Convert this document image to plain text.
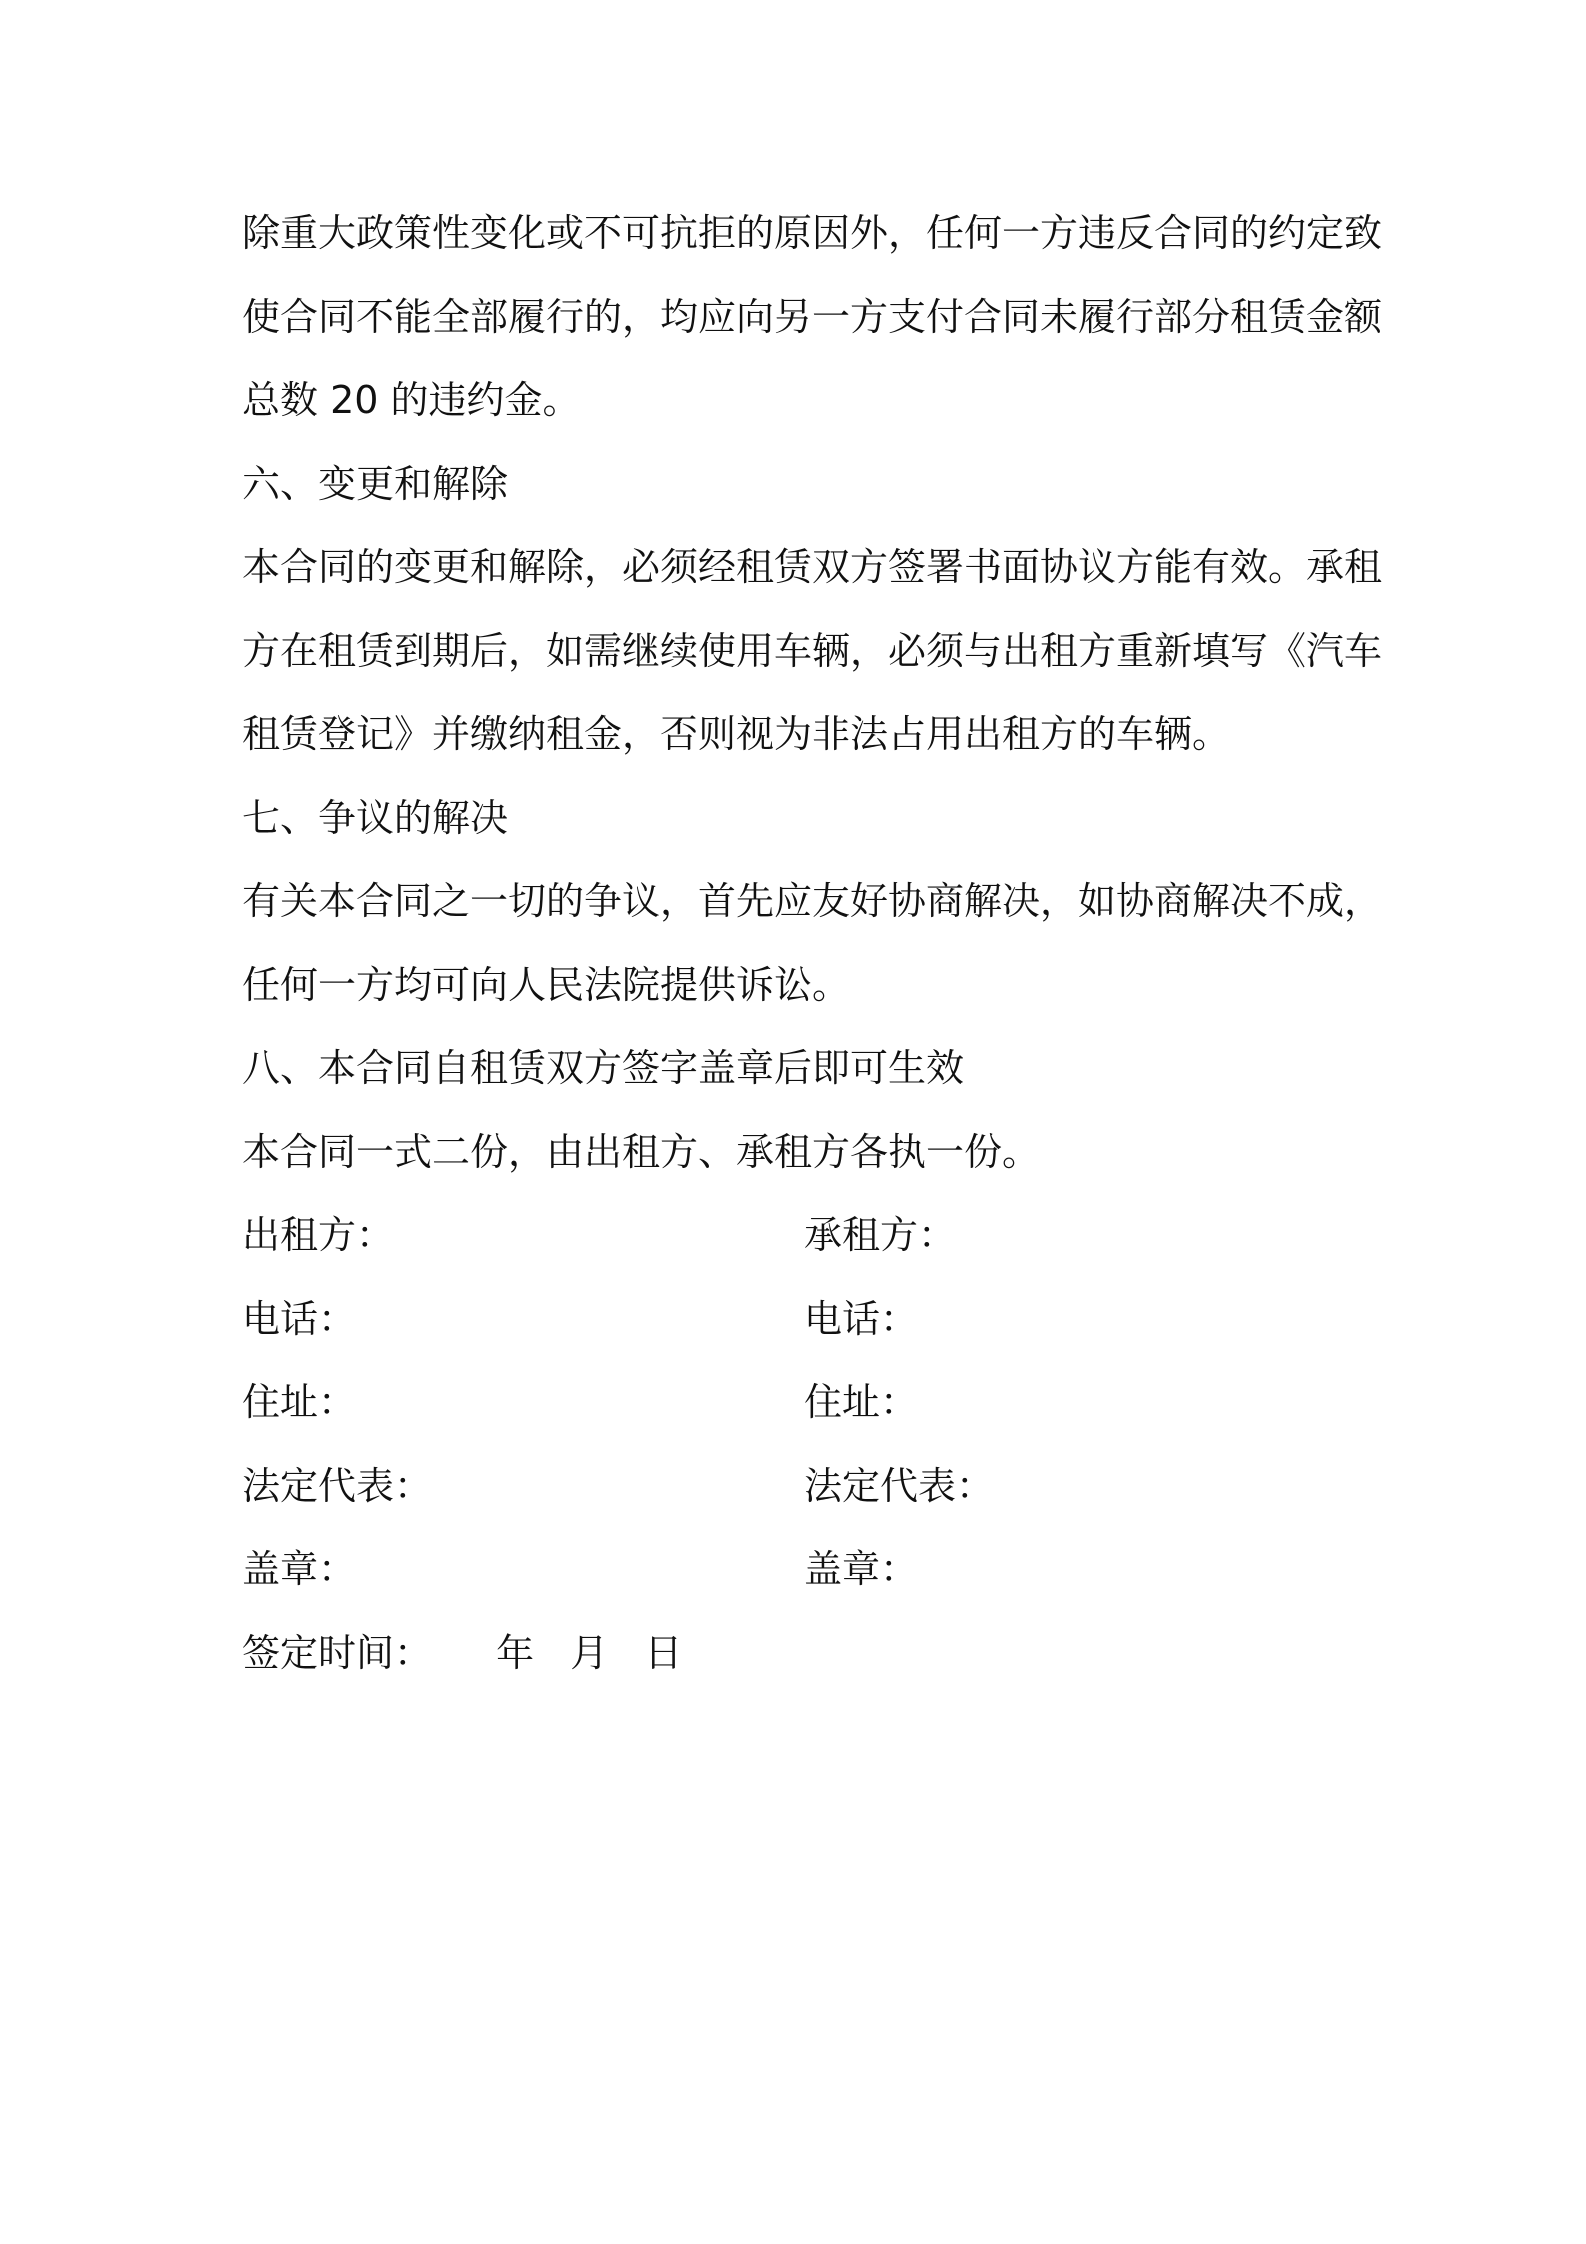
除重大政策性变化或不可抗拒的原因外，任何一方违反合同的约定致

使合同不能全部履行的，均应向另一方支付合同未履行部分租赁金额

总数 20 的违约金。

六、变更和解除

本合同的变更和解除，必须经租赁双方签署书面协议方能有效。承租

方在租赁到期后，如需继续使用车辆，必须与出租方重新填写《汽车

租赁登记》并缴纳租金，否则视为非法占用出租方的车辆。

七、争议的解决

有关本合同之一切的争议，首先应友好协商解决，如协商解决不成，

任何一方均可向人民法院提供诉讼。

八、本合同自租赁双方签字盖章后即可生效

本合同一式二份，由出租方、承租方各执一份。

出租方：	承租方：
电话：	电话：
住址：	住址：
法定代表：	法定代表：
盖章：	盖章：
签定时间： 年 月 日
